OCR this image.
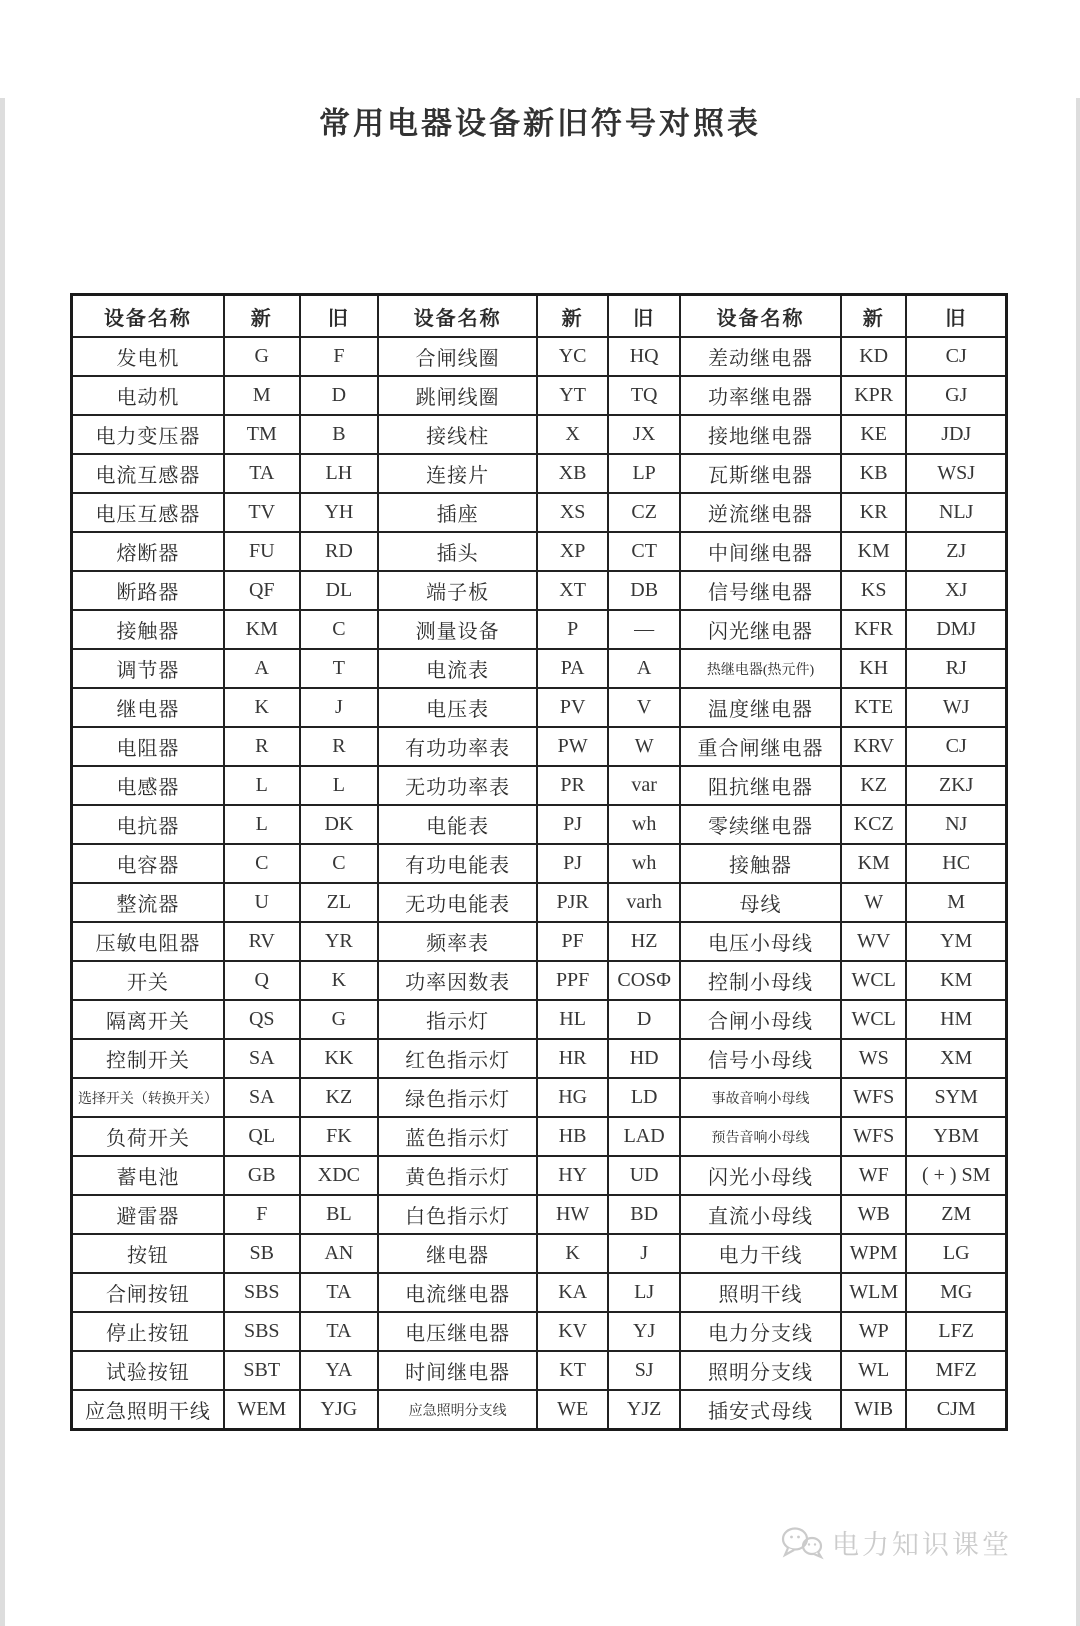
常用电器设备新旧符号对照表
设备名称	新	旧	设备名称	新	旧	设备名称	新	旧
发电机	G	F	合闸线圈	YC	HQ	差动继电器	KD	CJ
电动机	M	D	跳闸线圈	YT	TQ	功率继电器	KPR	GJ
电力变压器	TM	B	接线柱	X	JX	接地继电器	KE	JDJ
电流互感器	TA	LH	连接片	XB	LP	瓦斯继电器	KB	WSJ
电压互感器	TV	YH	插座	XS	CZ	逆流继电器	KR	NLJ
熔断器	FU	RD	插头	XP	CT	中间继电器	KM	ZJ
断路器	QF	DL	端子板	XT	DB	信号继电器	KS	XJ
接触器	KM	C	测量设备	P	—	闪光继电器	KFR	DMJ
调节器	A	T	电流表	PA	A	热继电器(热元件)	KH	RJ
继电器	K	J	电压表	PV	V	温度继电器	KTE	WJ
电阻器	R	R	有功功率表	PW	W	重合闸继电器	KRV	CJ
电感器	L	L	无功功率表	PR	var	阻抗继电器	KZ	ZKJ
电抗器	L	DK	电能表	PJ	wh	零续继电器	KCZ	NJ
电容器	C	C	有功电能表	PJ	wh	接触器	KM	HC
整流器	U	ZL	无功电能表	PJR	varh	母线	W	M
压敏电阻器	RV	YR	频率表	PF	HZ	电压小母线	WV	YM
开关	Q	K	功率因数表	PPF	COSΦ	控制小母线	WCL	KM
隔离开关	QS	G	指示灯	HL	D	合闸小母线	WCL	HM
控制开关	SA	KK	红色指示灯	HR	HD	信号小母线	WS	XM
选择开关（转换开关）	SA	KZ	绿色指示灯	HG	LD	事故音响小母线	WFS	SYM
负荷开关	QL	FK	蓝色指示灯	HB	LAD	预告音响小母线	WFS	YBM
蓄电池	GB	XDC	黄色指示灯	HY	UD	闪光小母线	WF	( + ) SM
避雷器	F	BL	白色指示灯	HW	BD	直流小母线	WB	ZM
按钮	SB	AN	继电器	K	J	电力干线	WPM	LG
合闸按钮	SBS	TA	电流继电器	KA	LJ	照明干线	WLM	MG
停止按钮	SBS	TA	电压继电器	KV	YJ	电力分支线	WP	LFZ
试验按钮	SBT	YA	时间继电器	KT	SJ	照明分支线	WL	MFZ
应急照明干线	WEM	YJG	应急照明分支线	WE	YJZ	插安式母线	WIB	CJM
电力知识课堂
